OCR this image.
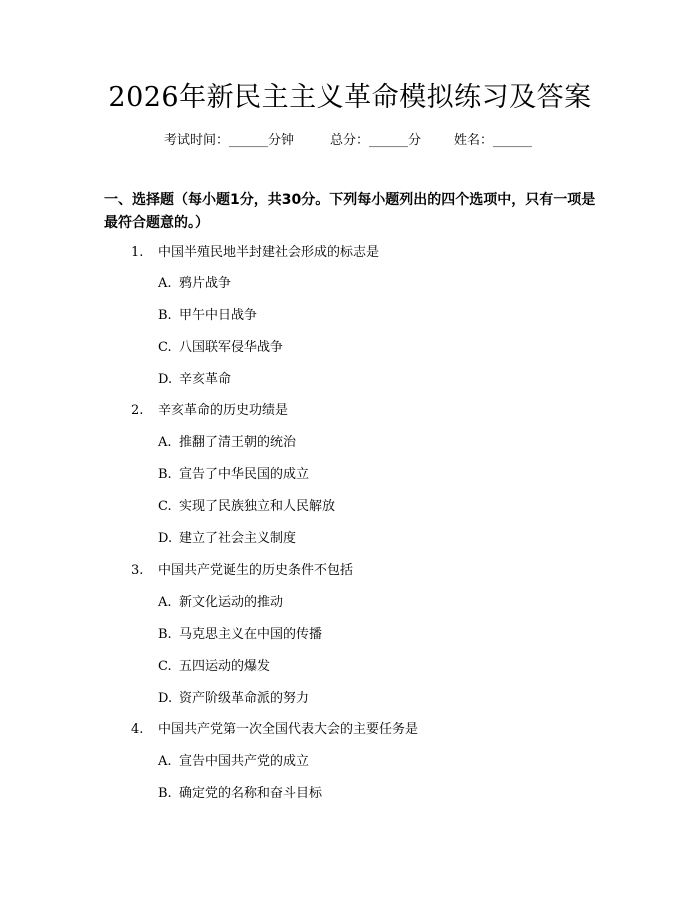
2026年新民主主义革命模拟练习及答案
考试时间：______分钟	总分：______分	姓名：______
一、选择题（每小题1分，共30分。下列每小题列出的四个选项中，只有一项是最符合题意的。）
1. 中国半殖民地半封建社会形成的标志是
A. 鸦片战争
B. 甲午中日战争
C. 八国联军侵华战争
D. 辛亥革命
2. 辛亥革命的历史功绩是
A. 推翻了清王朝的统治
B. 宣告了中华民国的成立
C. 实现了民族独立和人民解放
D. 建立了社会主义制度
3. 中国共产党诞生的历史条件不包括
A. 新文化运动的推动
B. 马克思主义在中国的传播
C. 五四运动的爆发
D. 资产阶级革命派的努力
4. 中国共产党第一次全国代表大会的主要任务是
A. 宣告中国共产党的成立
B. 确定党的名称和奋斗目标
